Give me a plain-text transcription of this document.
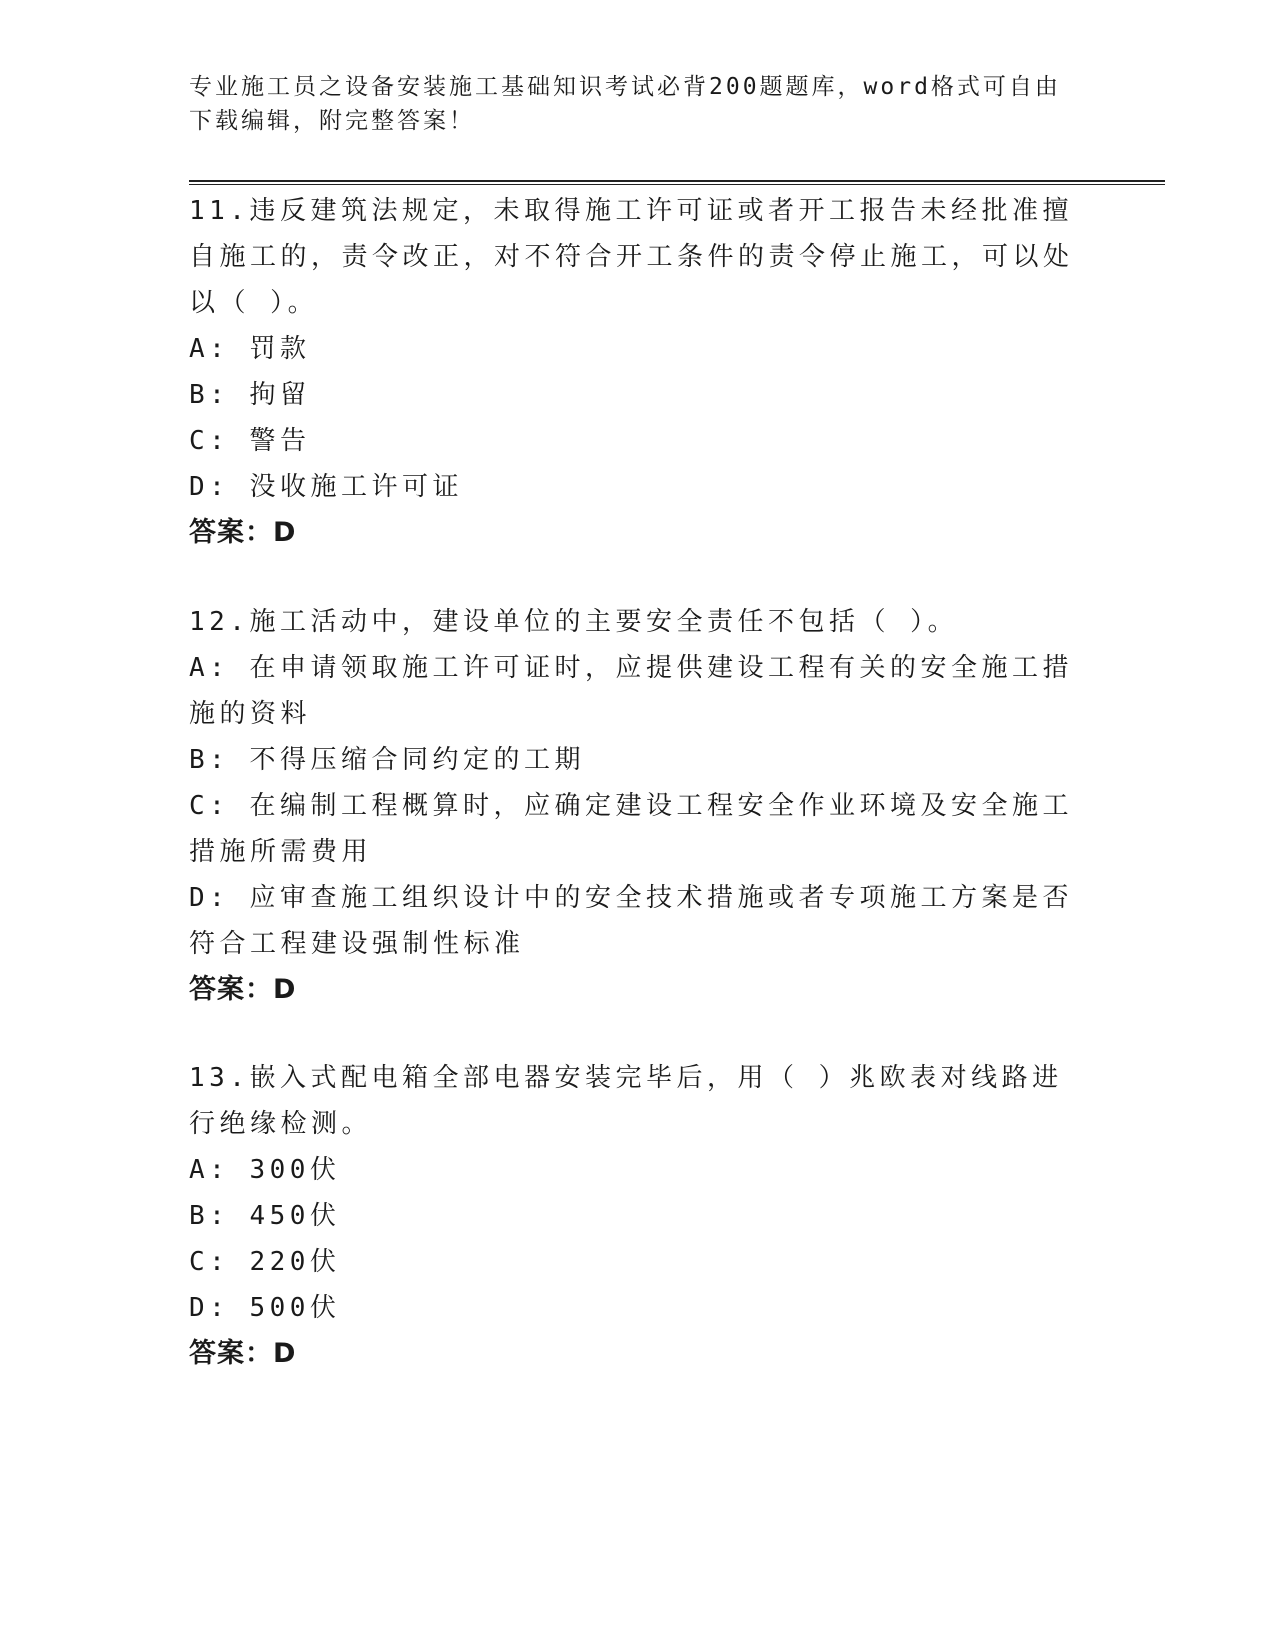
专业施工员之设备安装施工基础知识考试必背200题题库，word格式可自由下载编辑，附完整答案！
11.违反建筑法规定，未取得施工许可证或者开工报告未经批准擅自施工的，责令改正，对不符合开工条件的责令停止施工，可以处以（ ）。
A: 罚款
B: 拘留
C: 警告
D: 没收施工许可证
答案：D
12.施工活动中，建设单位的主要安全责任不包括（ ）。
A: 在申请领取施工许可证时，应提供建设工程有关的安全施工措施的资料
B: 不得压缩合同约定的工期
C: 在编制工程概算时，应确定建设工程安全作业环境及安全施工措施所需费用
D: 应审查施工组织设计中的安全技术措施或者专项施工方案是否符合工程建设强制性标准
答案：D
13.嵌入式配电箱全部电器安装完毕后，用（ ）兆欧表对线路进行绝缘检测。
A: 300伏
B: 450伏
C: 220伏
D: 500伏
答案：D
